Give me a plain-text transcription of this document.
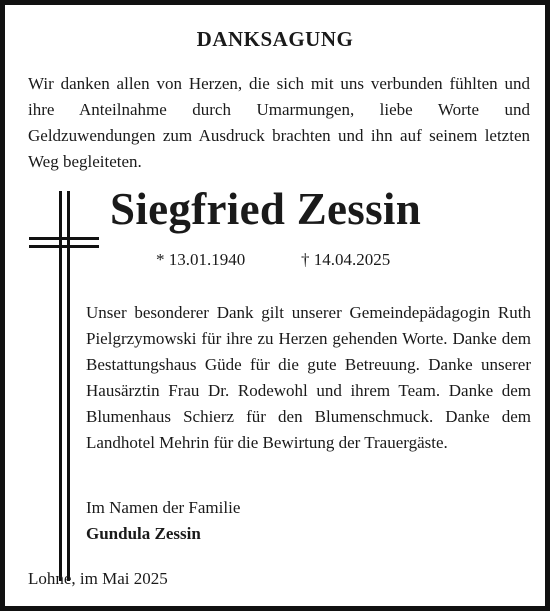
DANKSAGUNG
Wir danken allen von Herzen, die sich mit uns verbunden fühlten und ihre Anteilnahme durch Umarmungen, liebe Worte und Geldzuwendungen zum Ausdruck brachten und ihn auf seinem letzten Weg begleiteten.
Siegfried Zessin
* 13.01.1940	† 14.04.2025
Unser besonderer Dank gilt unserer Gemeindepädagogin Ruth Pielgrzymowski für ihre zu Herzen gehenden Worte. Danke dem Bestattungshaus Güde für die gute Betreuung. Danke unserer Hausärztin Frau Dr. Rodewohl und ihrem Team. Danke dem Blumenhaus Schierz für den Blumenschmuck. Danke dem Landhotel Mehrin für die Bewirtung der Trauergäste.
Im Namen der Familie
Gundula Zessin
Lohne, im Mai 2025
